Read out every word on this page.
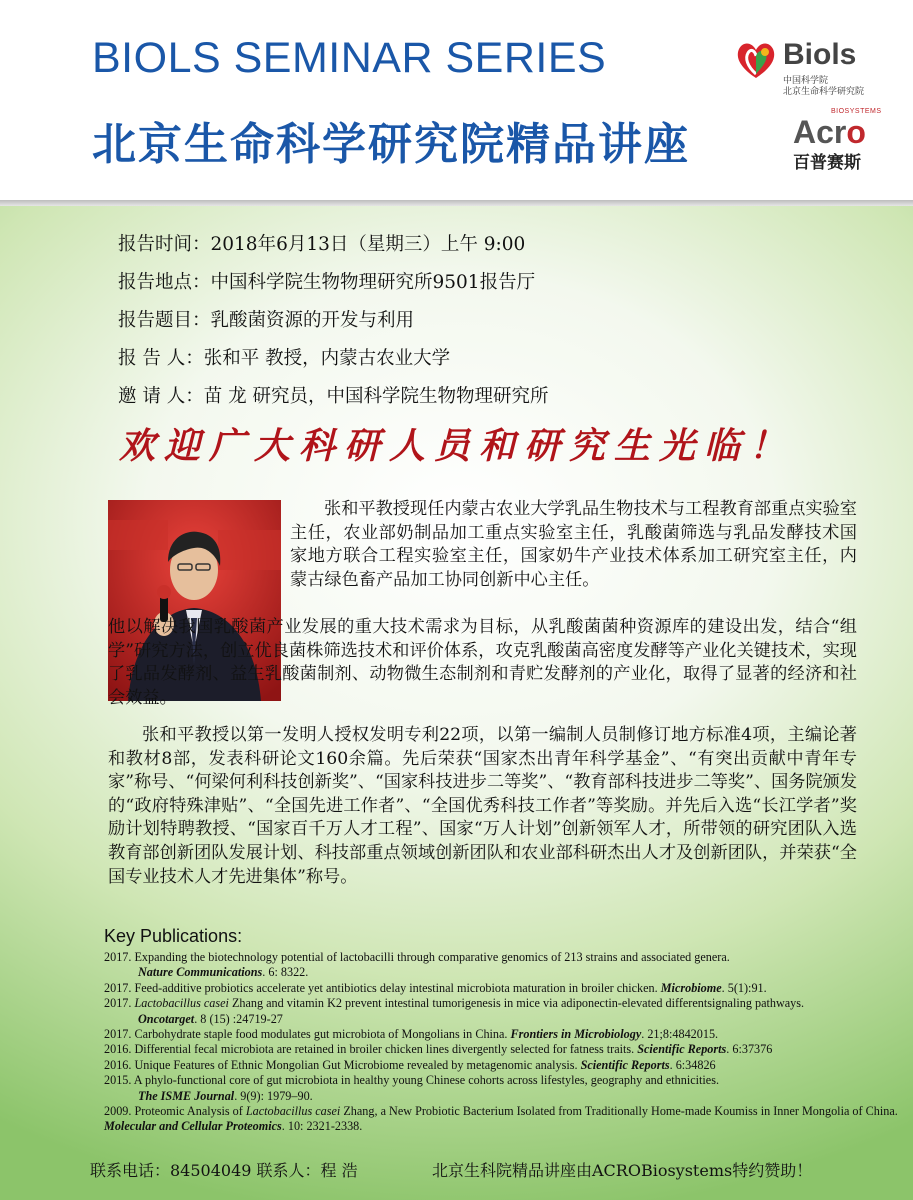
BIOLS SEMINAR SERIES
北京生命科学研究院精品讲座
Biols
中国科学院
北京生命科学研究院
BIOSYSTEMS
Acro
百普赛斯
报告时间：2018年6月13日（星期三）上午 9:00
报告地点：中国科学院生物物理研究所9501报告厅
报告题目：乳酸菌资源的开发与利用
报 告 人：张和平 教授，内蒙古农业大学
邀 请 人：苗 龙 研究员，中国科学院生物物理研究所
欢迎广大科研人员和研究生光临！

张和平教授现任内蒙古农业大学乳品生物技术与工程教育部重点实验室主任，农业部奶制品加工重点实验室主任，乳酸菌筛选与乳品发酵技术国家地方联合工程实验室主任，国家奶牛产业技术体系加工研究室主任，内蒙古绿色畜产品加工协同创新中心主任。

他以解决我国乳酸菌产业发展的重大技术需求为目标，从乳酸菌菌种资源库的建设出发，结合“组学”研究方法，创立优良菌株筛选技术和评价体系，攻克乳酸菌高密度发酵等产业化关键技术，实现了乳品发酵剂、益生乳酸菌制剂、动物微生态制剂和青贮发酵剂的产业化，取得了显著的经济和社会效益。

张和平教授以第一发明人授权发明专利22项，以第一编制人员制修订地方标准4项，主编论著和教材8部，发表科研论文160余篇。先后荣获“国家杰出青年科学基金”、“有突出贡献中青年专家”称号、“何梁何利科技创新奖”、“国家科技进步二等奖”、“教育部科技进步二等奖”、国务院颁发的“政府特殊津贴”、“全国先进工作者”、“全国优秀科技工作者”等奖励。并先后入选“长江学者”奖励计划特聘教授、“国家百千万人才工程”、国家“万人计划”创新领军人才，所带领的研究团队入选教育部创新团队发展计划、科技部重点领域创新团队和农业部科研杰出人才及创新团队，并荣获“全国专业技术人才先进集体”称号。

Key Publications:

2017. Expanding the biotechnology potential of lactobacilli through comparative genomics of 213 strains and associated genera.
Nature Communications. 6: 8322.

2017. Feed-additive probiotics accelerate yet antibiotics delay intestinal microbiota maturation in broiler chicken. Microbiome. 5(1):91.

2017. Lactobacillus casei Zhang and vitamin K2 prevent intestinal tumorigenesis in mice via adiponectin-elevated differentsignaling pathways.
Oncotarget. 8 (15) :24719-27

2017. Carbohydrate staple food modulates gut microbiota of Mongolians in China. Frontiers in Microbiology. 21;8:4842015.

2016. Differential fecal microbiota are retained in broiler chicken lines divergently selected for fatness traits. Scientific Reports. 6:37376

2016. Unique Features of Ethnic Mongolian Gut Microbiome revealed by metagenomic analysis. Scientific Reports. 6:34826

2015. A phylo-functional core of gut microbiota in healthy young Chinese cohorts across lifestyles, geography and ethnicities.
The ISME Journal. 9(9): 1979–90.

2009. Proteomic Analysis of Lactobacillus casei Zhang, a New Probiotic Bacterium Isolated from Traditionally Home-made Koumiss in Inner Mongolia of China. Molecular and Cellular Proteomics. 10: 2321-2338.

联系电话：84504049 联系人：程 浩	北京生科院精品讲座由ACROBiosystems特约赞助！
